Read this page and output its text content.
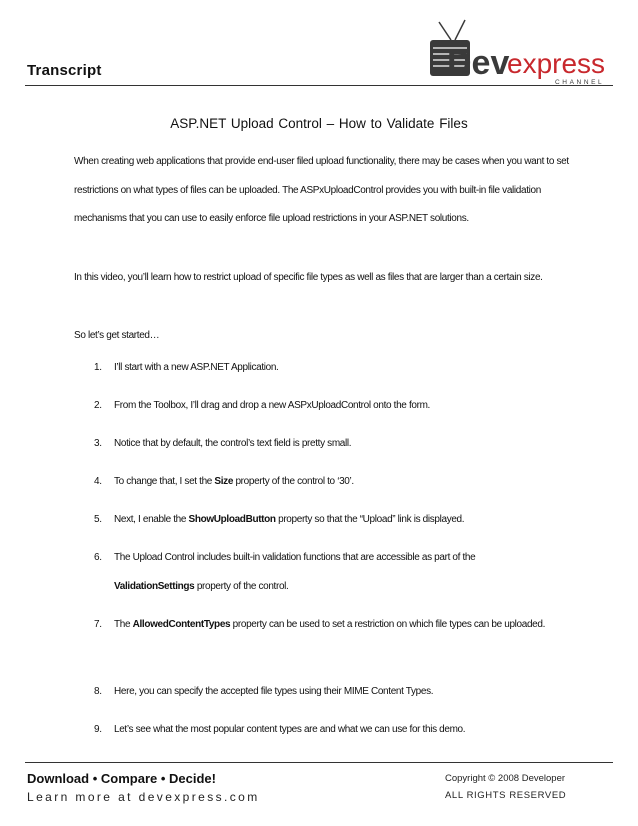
Transcript	Dev
express
CHANNEL
ASP.NET Upload Control – How to Validate Files

When creating web applications that provide end-user filed upload functionality, there may be cases when you want to set restrictions on what types of files can be uploaded. The ASPxUploadControl provides you with built-in file validation mechanisms that you can use to easily enforce file upload restrictions in your ASP.NET solutions.

In this video, you’ll learn how to restrict upload of specific file types as well as files that are larger than a certain size.

So let’s get started…

1.	I’ll start with a new ASP.NET Application.
2.	From the Toolbox, I’ll drag and drop a new ASPxUploadControl onto the form.
3.	Notice that by default, the control’s text field is pretty small.
4.	To change that, I set the Size property of the control to ‘30’.
5.	Next, I enable the ShowUploadButton property so that the “Upload” link is displayed.
6.	The Upload Control includes built-in validation functions that are accessible as part of the ValidationSettings property of the control.
7.	The AllowedContentTypes property can be used to set a restriction on which file types can be uploaded.
8.	Here, you can specify the accepted file types using their MIME Content Types.
9.	Let’s see what the most popular content types are and what we can use for this demo.
Download • Compare • Decide!
Learn more at devexpress.com
Copyright © 2008 Developer
ALL RIGHTS RESERVED
